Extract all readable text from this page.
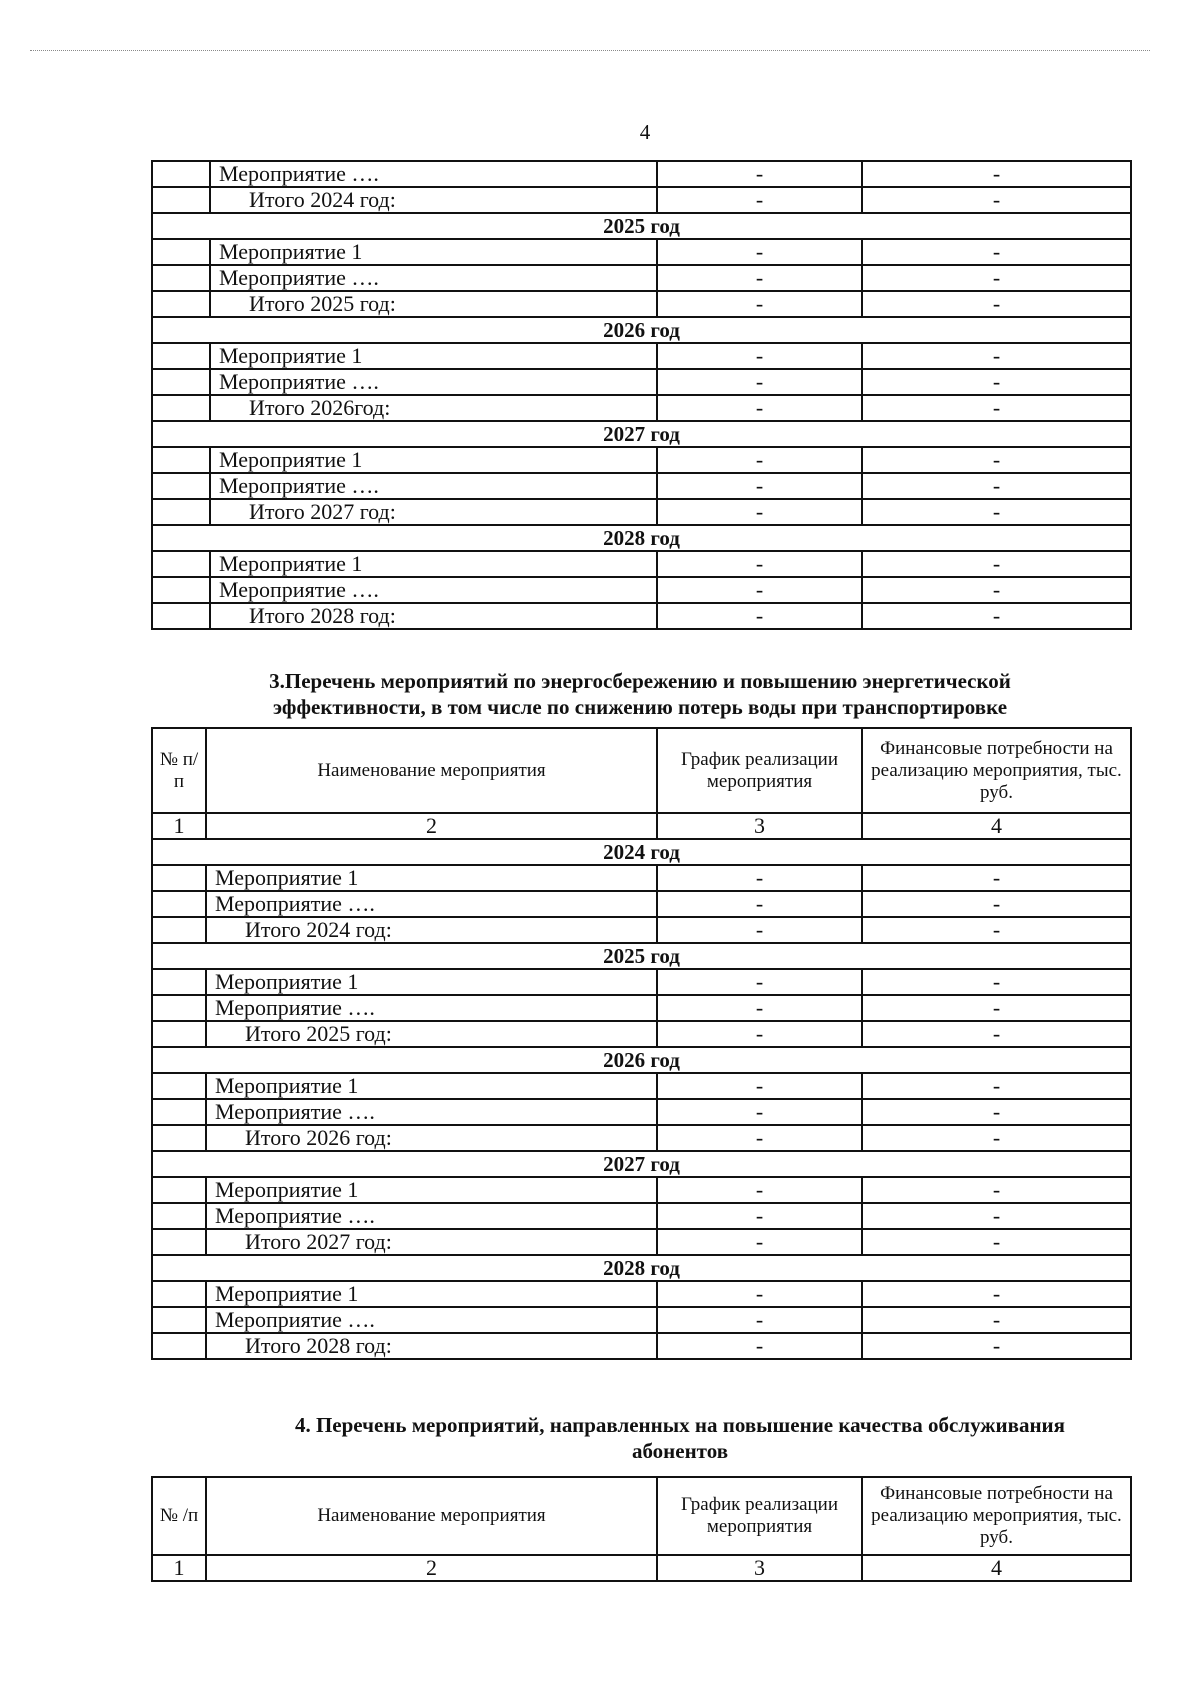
4
	Мероприятие ….	-	-
	Итого 2024 год:	-	-
2025 год			
	Мероприятие 1	-	-
	Мероприятие ….	-	-
	Итого 2025 год:	-	-
2026 год			
	Мероприятие 1	-	-
	Мероприятие ….	-	-
	Итого 2026год:	-	-
2027 год			
	Мероприятие 1	-	-
	Мероприятие ….	-	-
	Итого 2027 год:	-	-
2028 год			
	Мероприятие 1	-	-
	Мероприятие ….	-	-
	Итого 2028 год:	-	-
3.Перечень мероприятий по энергосбережению и повышению энергетической
эффективности, в том числе по снижению потерь воды при транспортировке
№ п/п	Наименование мероприятия	График реализации мероприятия	Финансовые потребности на реализацию мероприятия, тыс. руб.
1	2	3	4
2024 год			
	Мероприятие 1	-	-
	Мероприятие ….	-	-
	Итого 2024 год:	-	-
2025 год			
	Мероприятие 1	-	-
	Мероприятие ….	-	-
	Итого 2025 год:	-	-
2026 год			
	Мероприятие 1	-	-
	Мероприятие ….	-	-
	Итого 2026 год:	-	-
2027 год			
	Мероприятие 1	-	-
	Мероприятие ….	-	-
	Итого 2027 год:	-	-
2028 год			
	Мероприятие 1	-	-
	Мероприятие ….	-	-
	Итого 2028 год:	-	-
4. Перечень мероприятий, направленных на повышение качества обслуживания
абонентов
№ /п	Наименование мероприятия	График реализации мероприятия	Финансовые потребности на реализацию мероприятия, тыс. руб.
1	2	3	4
